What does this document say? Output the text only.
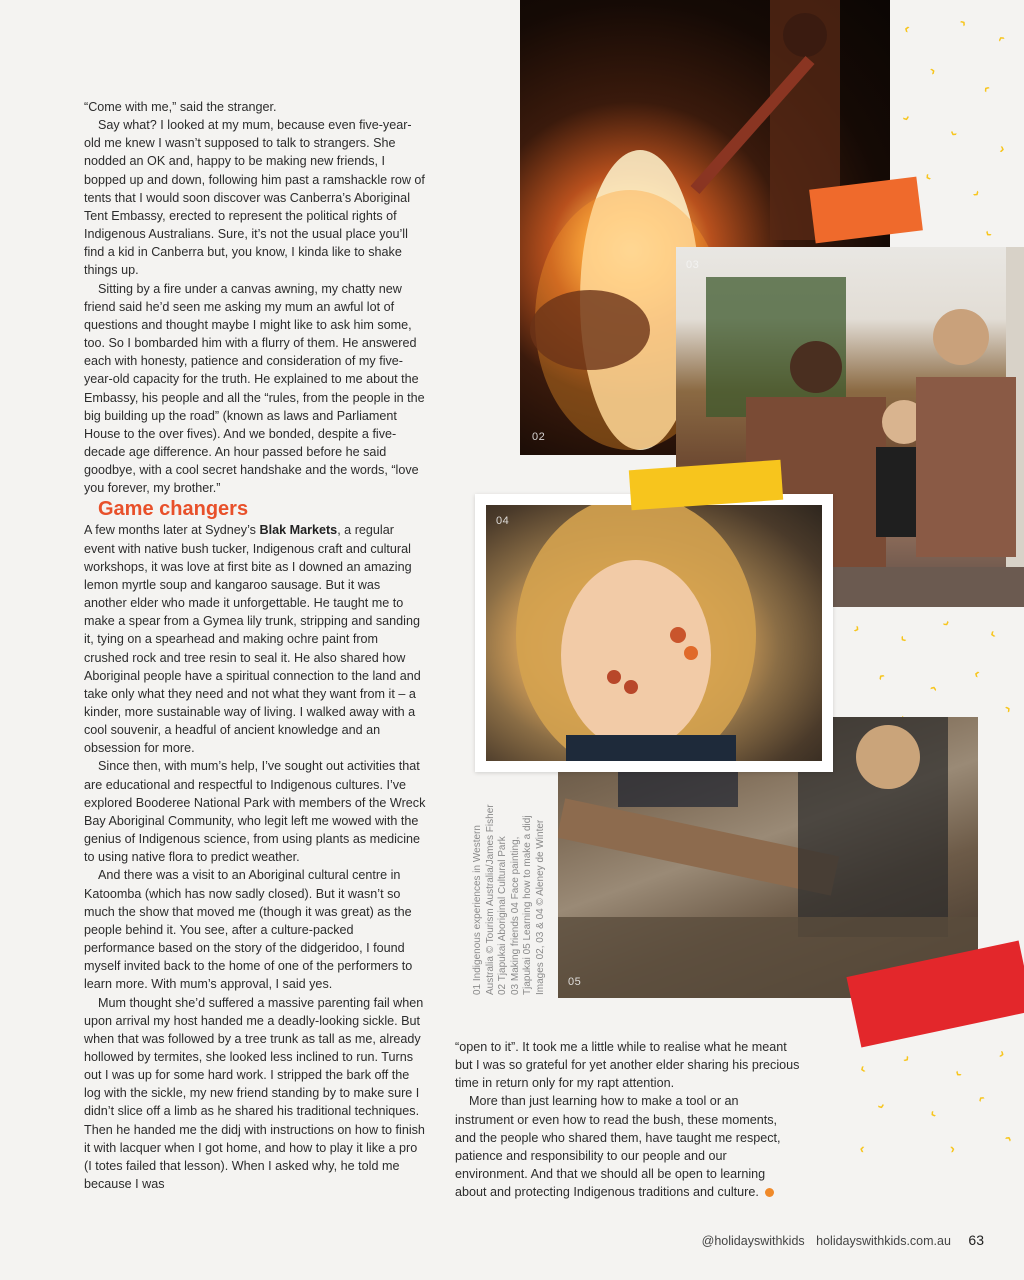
‹	›
‹
›
‹
›
‹
›
‹
›
‹
›
‹
›
‹
‹
›
‹
›
‹
›
‹
›
›	‹
‹
›
‹	›

“Come with me,” said the stranger.

Say what? I looked at my mum, because even five-year-old me knew I wasn’t supposed to talk to strangers. She nodded an OK and, happy to be making new friends, I bopped up and down, following him past a ramshackle row of tents that I would soon discover was Canberra’s Aboriginal Tent Embassy, erected to represent the political rights of Indigenous Australians. Sure, it’s not the usual place you’ll find a kid in Canberra but, you know, I kinda like to shake things up.

Sitting by a fire under a canvas awning, my chatty new friend said he’d seen me asking my mum an awful lot of questions and thought maybe I might like to ask him some, too. So I bombarded him with a flurry of them. He answered each with honesty, patience and consideration of my five-year-old capacity for the truth. He explained to me about the Embassy, his people and all the “rules, from the people in the big building up the road” (known as laws and Parliament House to the over fives). And we bonded, despite a five-decade age difference. An hour passed before he said goodbye, with a cool secret handshake and the words, “love you forever, my brother.”

Game changers

A few months later at Sydney’s Blak Markets, a regular event with native bush tucker, Indigenous craft and cultural workshops, it was love at first bite as I downed an amazing lemon myrtle soup and kangaroo sausage. But it was another elder who made it unforgettable. He taught me to make a spear from a Gymea lily trunk, stripping and sanding it, tying on a spearhead and making ochre paint from crushed rock and tree resin to seal it. He also shared how Aboriginal people have a spiritual connection to the land and take only what they need and not what they want from it – a kinder, more sustainable way of living. I walked away with a cool souvenir, a headful of ancient knowledge and an obsession for more.

Since then, with mum’s help, I’ve sought out activities that are educational and respectful to Indigenous cultures. I’ve explored Booderee National Park with members of the Wreck Bay Aboriginal Community, who legit left me wowed with the genius of Indigenous science, from using plants as medicine to using native flora to predict weather.

And there was a visit to an Aboriginal cultural centre in Katoomba (which has now sadly closed). But it wasn’t so much the show that moved me (though it was great) as the people behind it. You see, after a culture-packed performance based on the story of the didgeridoo, I found myself invited back to the home of one of the performers to learn more. With mum’s approval, I said yes.

Mum thought she’d suffered a massive parenting fail when upon arrival my host handed me a deadly-looking sickle. But when that was followed by a tree trunk as tall as me, already hollowed by termites, she looked less inclined to run. Turns out I was up for some hard work. I stripped the bark off the log with the sickle, my new friend standing by to make sure I didn’t slice off a limb as he shared his traditional techniques. Then he handed me the didj with instructions on how to finish it with lacquer when I got home, and how to play it like a pro (I totes failed that lesson). When I asked why, he told me because I was

“open to it”. It took me a little while to realise what he meant but I was so grateful for yet another elder sharing his precious time in return only for my rapt attention.

More than just learning how to make a tool or an instrument or even how to read the bush, these moments, and the people who shared them, have taught me respect, patience and responsibility to our people and our environment. And that we should all be open to learning about and protecting Indigenous traditions and culture.

02
03
05
04
01 Indigenous experiences in Western Australia © Tourism Australia/James Fisher 02 Tjapukai Aboriginal Cultural Park 03 Making friends 04 Face painting, Tjapukai 05 Learning how to make a didj Images 02, 03 & 04 © Aleney de Winter
@holidayswithkids holidayswithkids.com.au 63
